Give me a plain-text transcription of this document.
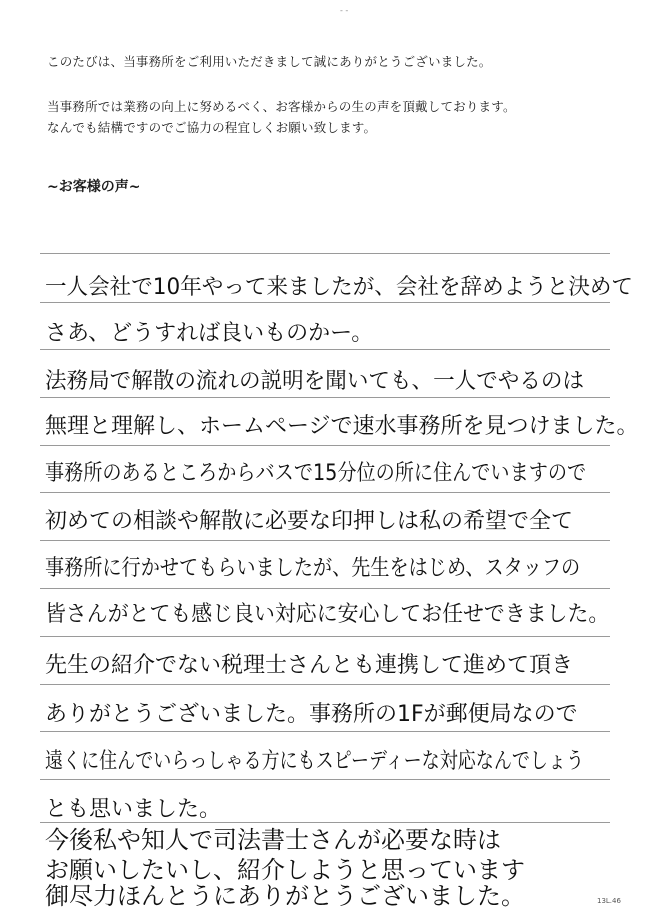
- -
このたびは、当事務所をご利用いただきまして誠にありがとうございました。
当事務所では業務の向上に努めるべく、お客様からの生の声を頂戴しております。
なんでも結構ですのでご協力の程宜しくお願い致します。
~お客様の声~
一人会社で10年やって来ましたが、会社を辞めようと決めて
さあ、どうすれば良いものかー。
法務局で解散の流れの説明を聞いても、一人でやるのは
無理と理解し、ホームページで速水事務所を見つけました。
事務所のあるところからバスで15分位の所に住んでいますので
初めての相談や解散に必要な印押しは私の希望で全て
事務所に行かせてもらいましたが、先生をはじめ、スタッフの
皆さんがとても感じ良い対応に安心してお任せできました。
先生の紹介でない税理士さんとも連携して進めて頂き
ありがとうございました。事務所の1Fが郵便局なので
遠くに住んでいらっしゃる方にもスピーディーな対応なんでしょう
とも思いました。
今後私や知人で司法書士さんが必要な時は
お願いしたいし、紹介しようと思っています
御尽力ほんとうにありがとうございました。	13L.46
